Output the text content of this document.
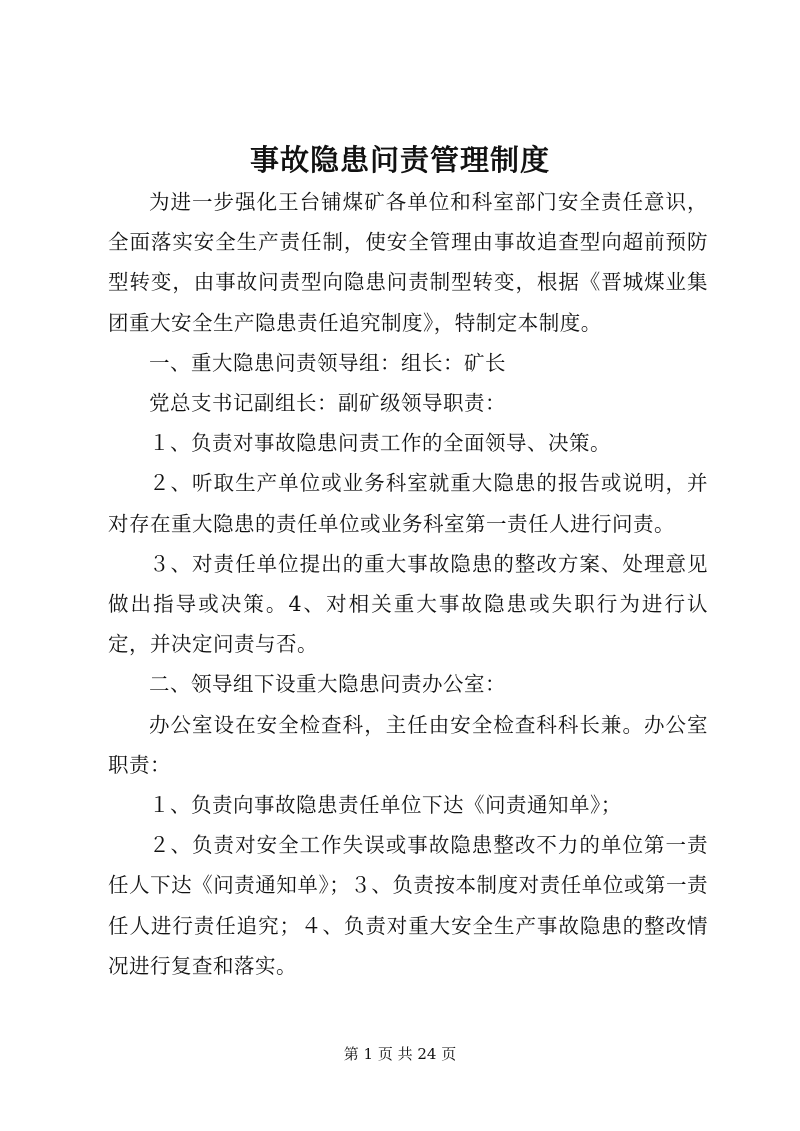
事故隐患问责管理制度

为进一步强化王台铺煤矿各单位和科室部门安全责任意识，全面落实安全生产责任制，使安全管理由事故追查型向超前预防型转变，由事故问责型向隐患问责制型转变，根据《晋城煤业集团重大安全生产隐患责任追究制度》，特制定本制度。

一、重大隐患问责领导组：组长：矿长

党总支书记副组长：副矿级领导职责：

１、负责对事故隐患问责工作的全面领导、决策。

２、听取生产单位或业务科室就重大隐患的报告或说明，并对存在重大隐患的责任单位或业务科室第一责任人进行问责。

３、对责任单位提出的重大事故隐患的整改方案、处理意见做出指导或决策。4、对相关重大事故隐患或失职行为进行认定，并决定问责与否。

二、领导组下设重大隐患问责办公室：

办公室设在安全检查科，主任由安全检查科科长兼。办公室职责：

１、负责向事故隐患责任单位下达《问责通知单》；

２、负责对安全工作失误或事故隐患整改不力的单位第一责任人下达《问责通知单》；３、负责按本制度对责任单位或第一责任人进行责任追究；４、负责对重大安全生产事故隐患的整改情况进行复查和落实。

第 1 页 共 24 页
